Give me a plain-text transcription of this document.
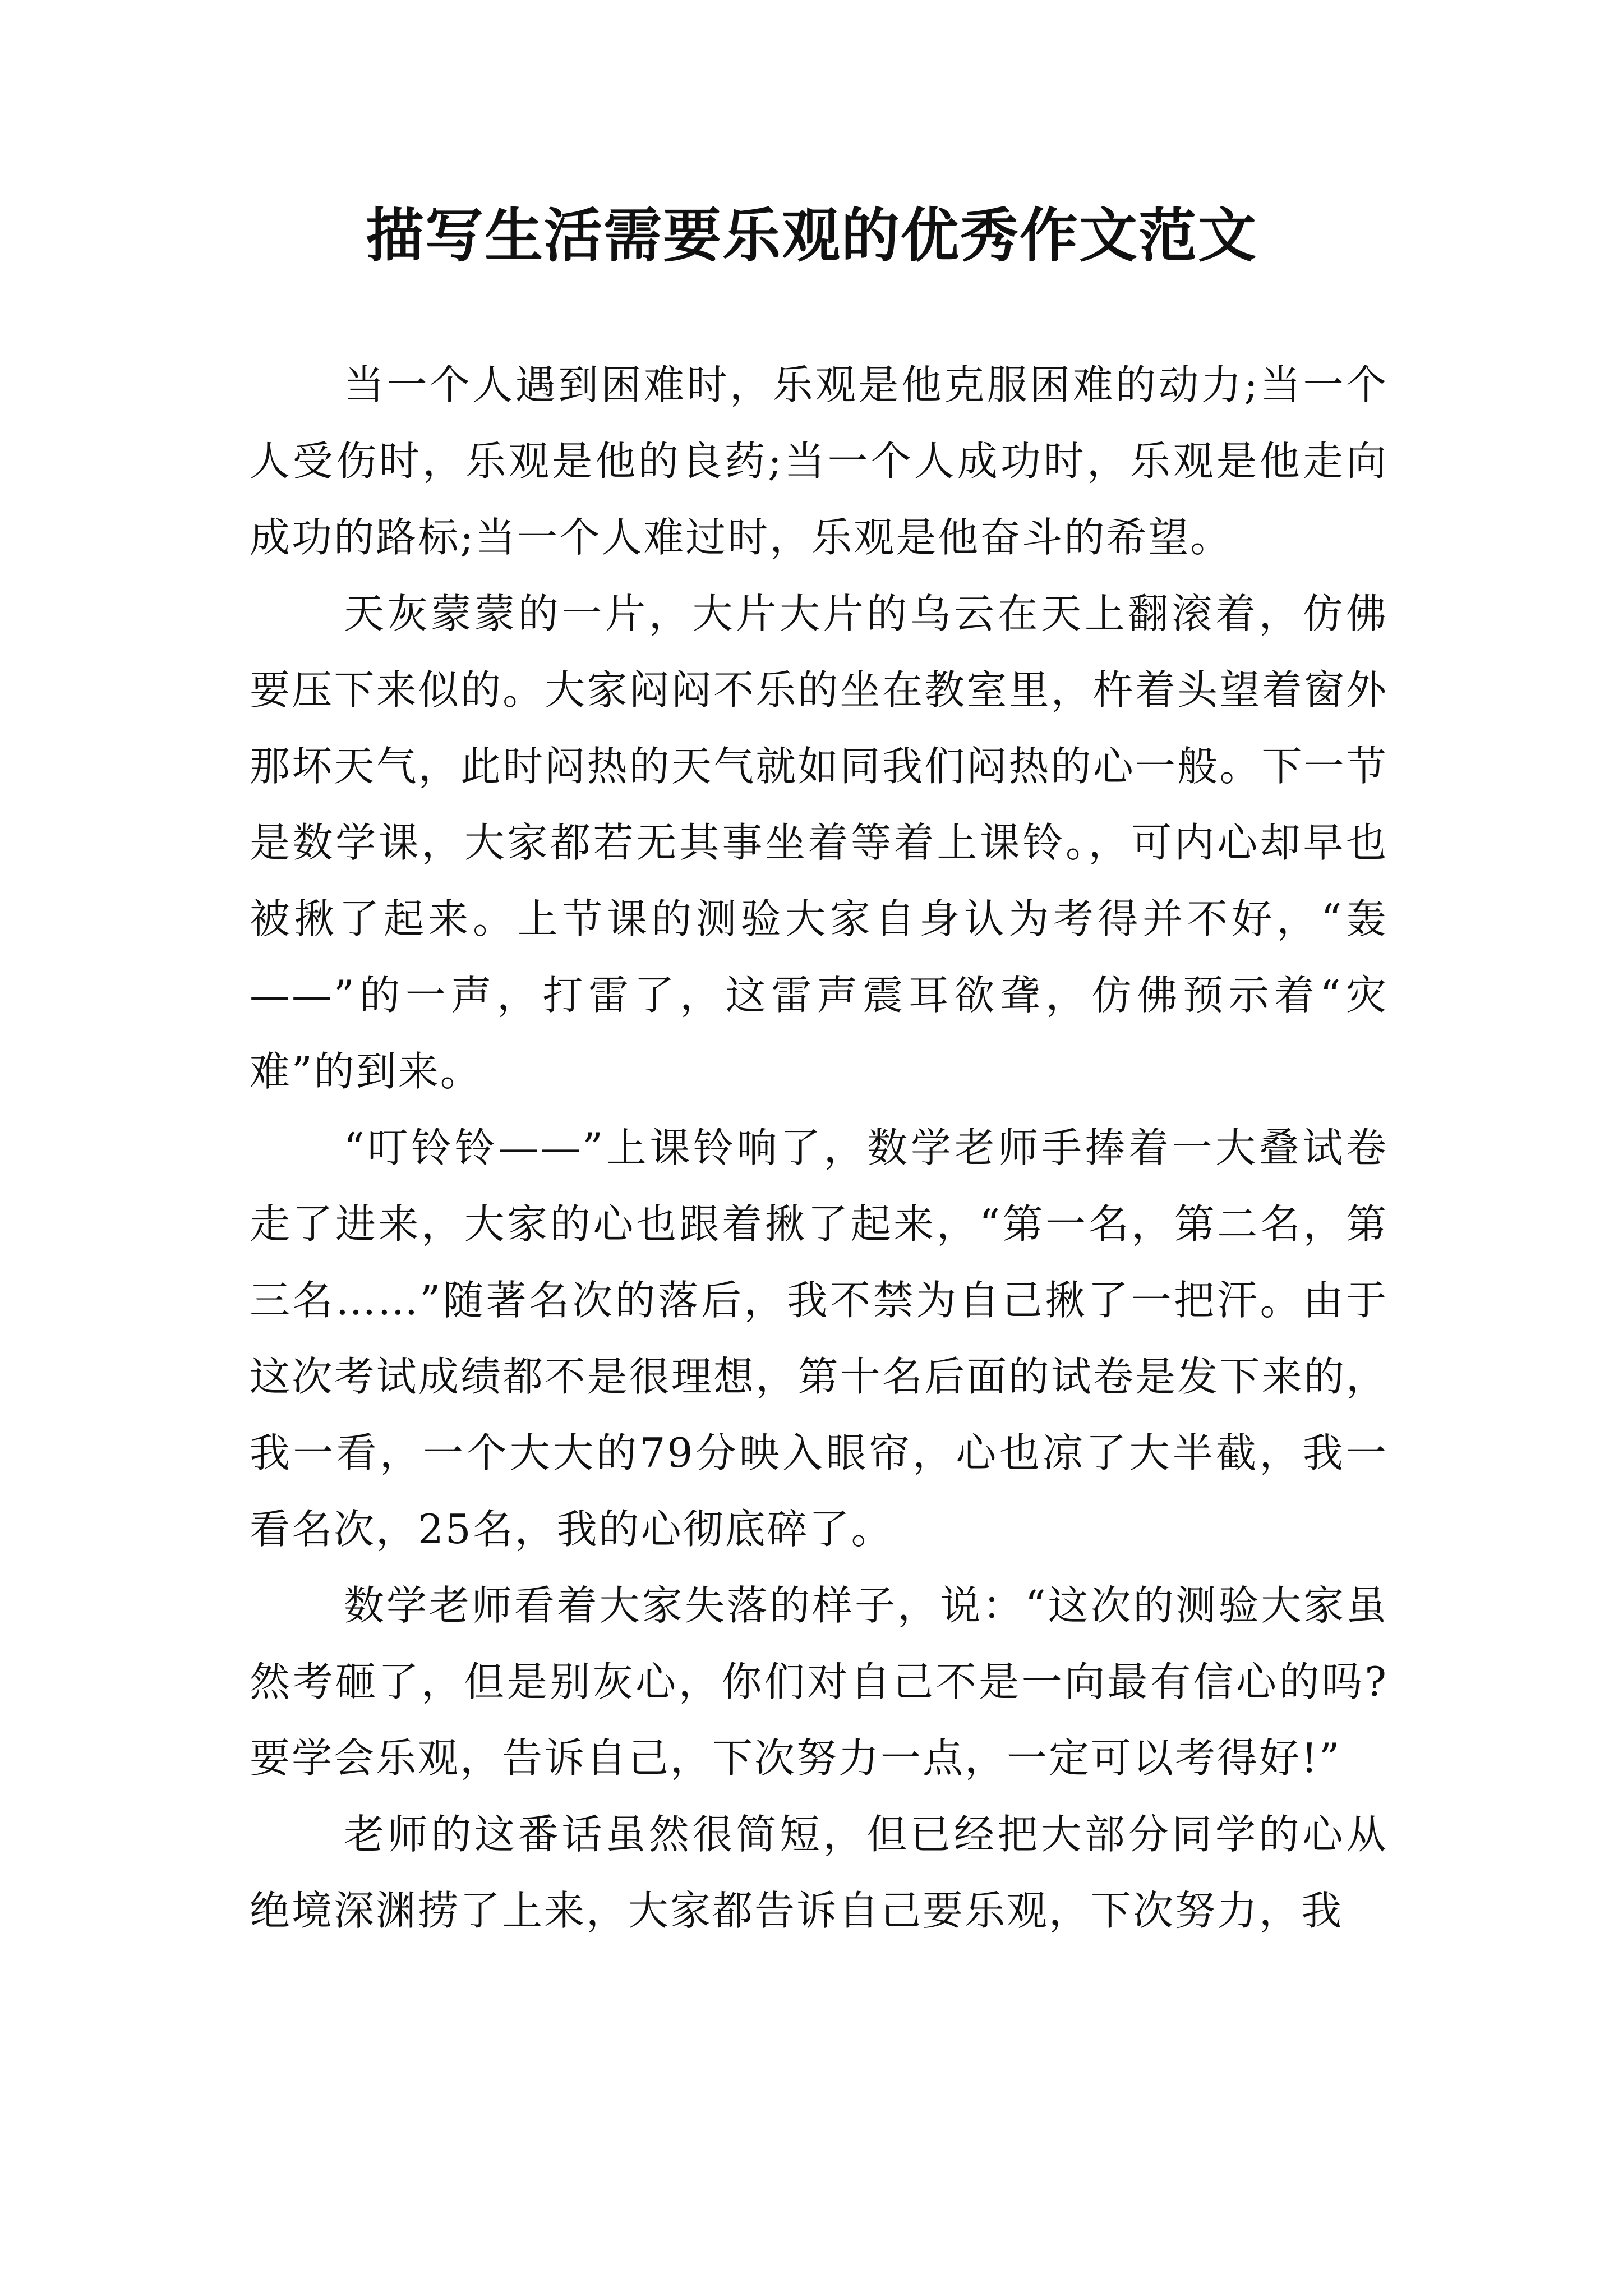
描写生活需要乐观的优秀作文范文

当一个人遇到困难时，乐观是他克服困难的动力;当一个人受伤时，乐观是他的良药;当一个人成功时，乐观是他走向成功的路标;当一个人难过时，乐观是他奋斗的希望。

天灰蒙蒙的一片，大片大片的乌云在天上翻滚着，仿佛要压下来似的。大家闷闷不乐的坐在教室里，杵着头望着窗外那坏天气，此时闷热的天气就如同我们闷热的心一般。下一节是数学课，大家都若无其事坐着等着上课铃。，可内心却早也被揪了起来。上节课的测验大家自身认为考得并不好，“轰——”的一声，打雷了，这雷声震耳欲聋，仿佛预示着“灾难”的到来。

“叮铃铃——”上课铃响了，数学老师手捧着一大叠试卷走了进来，大家的心也跟着揪了起来，“第一名，第二名，第三名……”随著名次的落后，我不禁为自己揪了一把汗。由于这次考试成绩都不是很理想，第十名后面的试卷是发下来的，我一看，一个大大的79分映入眼帘，心也凉了大半截，我一看名次，25名，我的心彻底碎了。

数学老师看着大家失落的样子，说：“这次的测验大家虽然考砸了，但是别灰心，你们对自己不是一向最有信心的吗?要学会乐观，告诉自己，下次努力一点，一定可以考得好!”

老师的这番话虽然很简短，但已经把大部分同学的心从绝境深渊捞了上来，大家都告诉自己要乐观，下次努力，我
